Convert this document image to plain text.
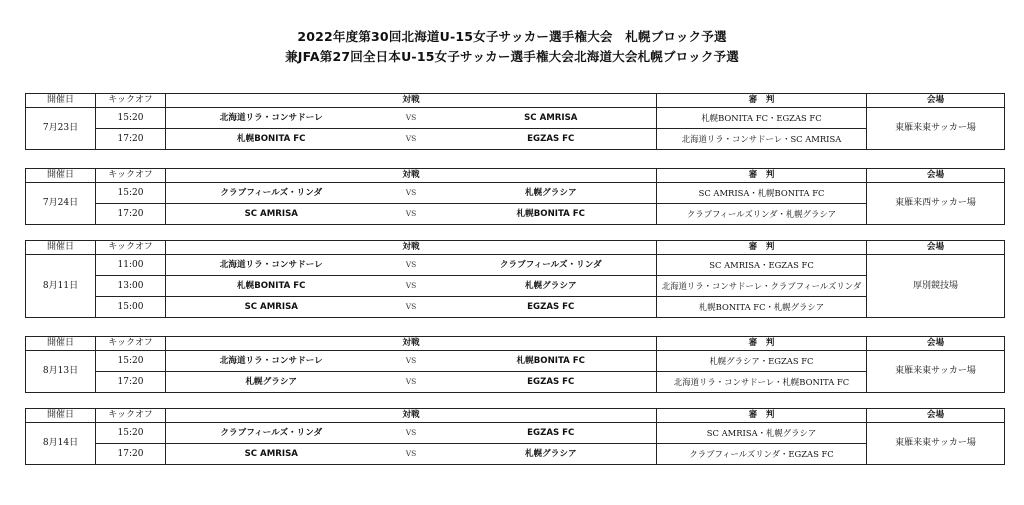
2022年度第30回北海道U-15女子サッカー選手権大会　札幌ブロック予選
兼JFA第27回全日本U-15女子サッカー選手権大会北海道大会札幌ブロック予選
開催日	キックオフ	対戦			審　判	会場
7月23日	15:20	北海道リラ・コンサドーレ	VS	SC AMRISA	札幌BONITA FC・EGZAS FC	東雁来東サッカー場
	17:20	札幌BONITA FC	VS	EGZAS FC	北海道リラ・コンサドーレ・SC AMRISA	
開催日	キックオフ	対戦			審　判	会場
7月24日	15:20	クラブフィールズ・リンダ	VS	札幌グラシア	SC AMRISA・札幌BONITA FC	東雁来西サッカー場
	17:20	SC AMRISA	VS	札幌BONITA FC	クラブフィールズリンダ・札幌グラシア	
開催日	キックオフ	対戦			審　判	会場
8月11日	11:00	北海道リラ・コンサドーレ	VS	クラブフィールズ・リンダ	SC AMRISA・EGZAS FC	厚別競技場
	13:00	札幌BONITA FC	VS	札幌グラシア	北海道リラ・コンサドーレ・クラブフィールズリンダ	
	15:00	SC AMRISA	VS	EGZAS FC	札幌BONITA FC・札幌グラシア	
開催日	キックオフ	対戦			審　判	会場
8月13日	15:20	北海道リラ・コンサドーレ	VS	札幌BONITA FC	札幌グラシア・EGZAS FC	東雁来東サッカー場
	17:20	札幌グラシア	VS	EGZAS FC	北海道リラ・コンサドーレ・札幌BONITA FC	
開催日	キックオフ	対戦			審　判	会場
8月14日	15:20	クラブフィールズ・リンダ	VS	EGZAS FC	SC AMRISA・札幌グラシア	東雁来東サッカー場
	17:20	SC AMRISA	VS	札幌グラシア	クラブフィールズリンダ・EGZAS FC	
